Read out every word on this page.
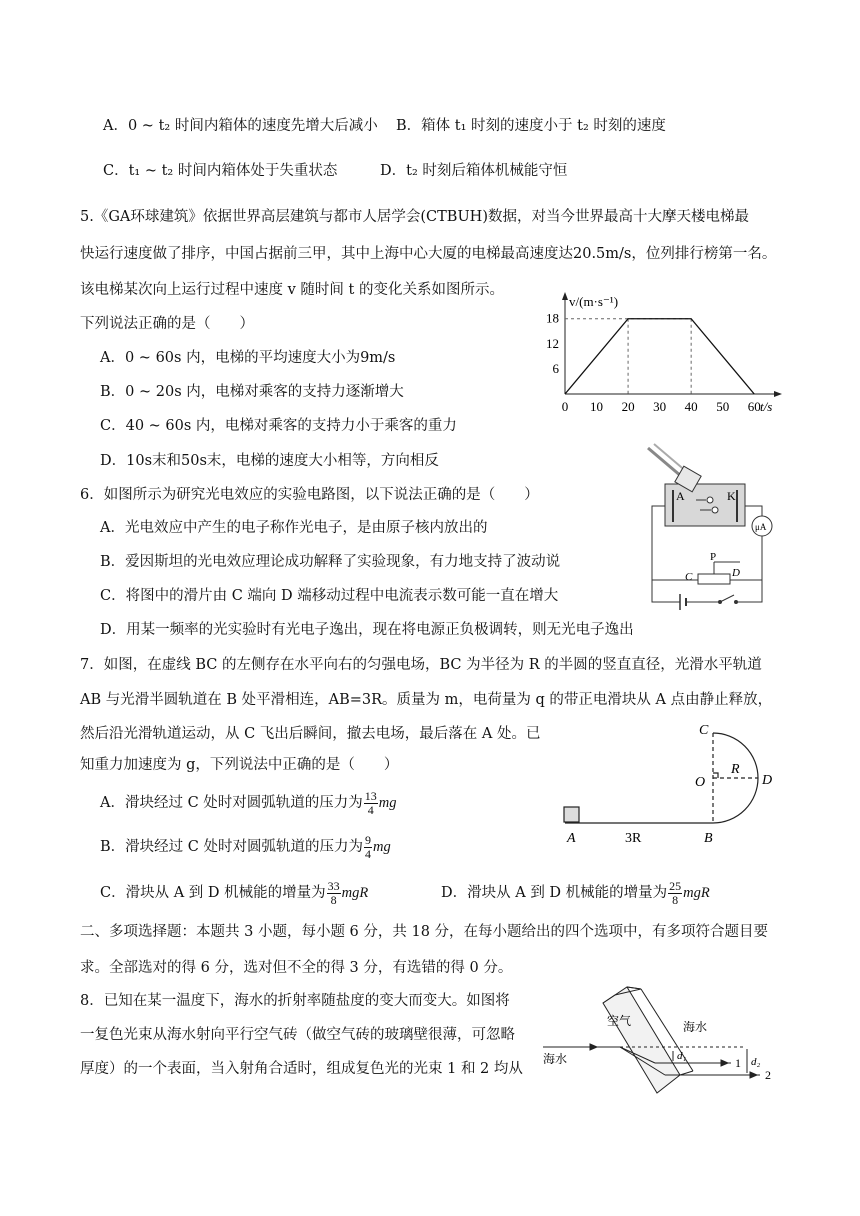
A．0 ~ t₂ 时间内箱体的速度先增大后减小 B．箱体 t₁ 时刻的速度小于 t₂ 时刻的速度
C．t₁ ~ t₂ 时间内箱体处于失重状态	D．t₂ 时刻后箱体机械能守恒
5.《GA环球建筑》依据世界高层建筑与都市人居学会(CTBUH)数据，对当今世界最高十大摩天楼电梯最
快运行速度做了排序，中国占据前三甲，其中上海中心大厦的电梯最高速度达20.5m/s，位列排行榜第一名。
该电梯某次向上运行过程中速度 v 随时间 t 的变化关系如图所示。
下列说法正确的是（　　）
A．0 ~ 60s 内，电梯的平均速度大小为9m/s
B．0 ~ 20s 内，电梯对乘客的支持力逐渐增大
C．40 ~ 60s 内，电梯对乘客的支持力小于乘客的重力
D．10s末和50s末，电梯的速度大小相等，方向相反
0 10 20 30 40 50 60
6
12
18
v/(m·s⁻¹)
t/s
6．如图所示为研究光电效应的实验电路图，以下说法正确的是（　　）
A．光电效应中产生的电子称作光电子，是由原子核内放出的
B．爱因斯坦的光电效应理论成功解释了实验现象，有力地支持了波动说
C．将图中的滑片由 C 端向 D 端移动过程中电流表示数可能一直在增大
D．用某一频率的光实验时有光电子逸出，现在将电源正负极调转，则无光电子逸出
A	K
μA
P
C	D
7．如图，在虚线 BC 的左侧存在水平向右的匀强电场，BC 为半径为 R 的半圆的竖直直径，光滑水平轨道
AB 与光滑半圆轨道在 B 处平滑相连，AB=3R。质量为 m，电荷量为 q 的带正电滑块从 A 点由静止释放，
然后沿光滑轨道运动，从 C 飞出后瞬间，撤去电场，最后落在 A 处。已
知重力加速度为 g，下列说法中正确的是（　　）
A．滑块经过 C 处时对圆弧轨道的压力为 $\frac{13}{4}$ mg
B．滑块经过 C 处时对圆弧轨道的压力为 $\frac{9}{4}$ mg
C．滑块从 A 到 D 机械能的增量为 $\frac{33}{8}$ mgR	D．滑块从 A 到 D 机械能的增量为 $\frac{25}{8}$ mgR
C
O
R
D
A	3R	B
二、多项选择题：本题共 3 小题，每小题 6 分，共 18 分，在每小题给出的四个选项中，有多项符合题目要
求。全部选对的得 6 分，选对但不全的得 3 分，有选错的得 0 分。
8．已知在某一温度下，海水的折射率随盐度的变大而变大。如图将
一复色光束从海水射向平行空气砖（做空气砖的玻璃壁很薄，可忽略
厚度）的一个表面，当入射角合适时，组成复色光的光束 1 和 2 均从
空气	海水
海水	d₁	d₂
1
2
